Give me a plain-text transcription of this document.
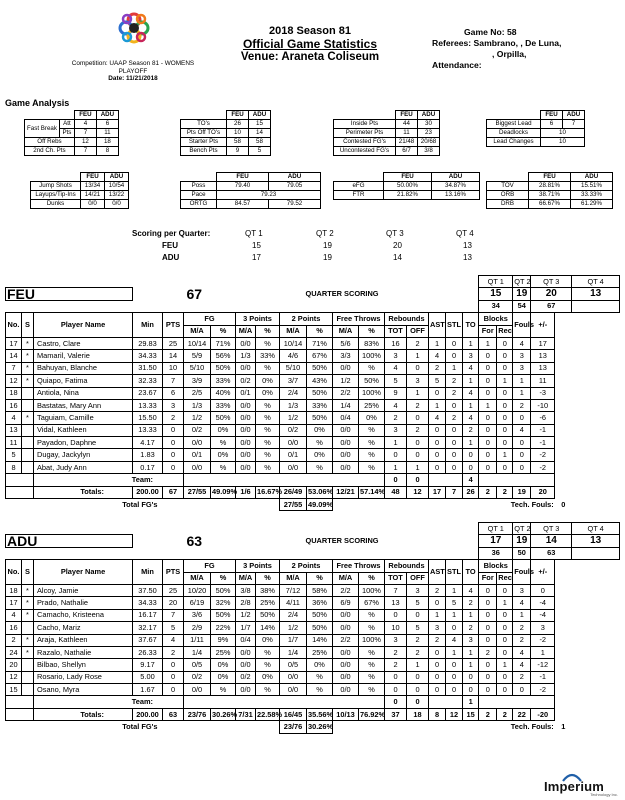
Competition: UAAP Season 81 - WOMENS PLAYOFF
Date: 11/21/2018
2018 Season 81
Official Game Statistics
Venue: Araneta Coliseum
Game No: 58
Referees: Sambrano, , De Luna,
, Orpilla,
Attendance:
Game Analysis
		FEU	ADU
Fast Break	Att	4	6
	Pts	7	11
Off Rebs		12	18
2nd Ch. Pts		7	8
	FEU	ADU
TO's	26	15
Pts Off TO's	10	14
Starter Pts	58	58
Bench Pts	9	5
	FEU	ADU
Inside Pts	44	30
Perimeter Pts	11	23
Contested FG's	21/48	20/68
Uncontested FG's	6/7	3/8
	FEU	ADU
Biggest Lead	6	7
Deadlocks	10	
Lead Changes	10	
	FEU	ADU
Jump Shots	13/34	10/54
Layups/Tip-Ins	14/21	13/22
Dunks	0/0	0/0
	FEU	ADU
Poss	79.40	79.05
Pace	79.23	
ORTG	84.57	79.52
	FEU	ADU
eFG	50.00%	34.87%
FTR	21.82%	13.16%
	FEU	ADU
TOV	28.81%	15.51%
ORB	38.71%	33.33%
DRB	66.67%	61.29%
Scoring per Quarter:	QT 1	QT 2	QT 3	QT 4
FEU	15	19	20	13
ADU	17	19	14	13
																		QT 1		QT 2	QT 3		QT 4
FEU			67					QUARTER SCORING										15		19	20		13
																		34		54	67		
No.	S	Player Name	Min	PTS	FG		3 Points		2 Points		Free Throws		Rebounds		AST	STL	TO	Blocks		Fouls	+/-		
					M/A	%	M/A	%	M/A	%	M/A	%	TOT	OFF				For	Rec				
17	*	Castro, Clare	29.83	25	10/14	71%	0/0	%	10/14	71%	5/6	83%	16	2	1	0	1	1	0	4	17		
14	*	Mamaril, Valerie	34.33	14	5/9	56%	1/3	33%	4/6	67%	3/3	100%	3	1	4	0	3	0	0	3	13		
7	*	Bahuyan, Blanche	31.50	10	5/10	50%	0/0	%	5/10	50%	0/0	%	4	0	2	1	4	0	0	3	13		
12	*	Quiapo, Fatima	32.33	7	3/9	33%	0/2	0%	3/7	43%	1/2	50%	5	3	5	2	1	0	1	1	11		
18		Antiola, Nina	23.67	6	2/5	40%	0/1	0%	2/4	50%	2/2	100%	9	1	0	2	4	0	0	1	-3		
16		Bastatas, Mary Ann	13.33	3	1/3	33%	0/0	%	1/3	33%	1/4	25%	4	2	1	0	1	1	0	2	-10		
4	*	Taguiam, Camille	15.50	2	1/2	50%	0/0	%	1/2	50%	0/4	0%	2	0	4	2	4	0	0	0	-6		
13		Vidal, Kathleen	13.33	0	0/2	0%	0/0	%	0/2	0%	0/0	%	3	2	0	0	2	0	0	4	-1		
11		Payadon, Daphne	4.17	0	0/0	%	0/0	%	0/0	%	0/0	%	1	0	0	0	1	0	0	0	-1		
5		Dugay, Jackylyn	1.83	0	0/1	0%	0/0	%	0/1	0%	0/0	%	0	0	0	0	0	0	1	0	-2		
8		Abat, Judy Ann	0.17	0	0/0	%	0/0	%	0/0	%	0/0	%	1	1	0	0	0	0	0	0	-2		
		Team:											0	0			4						
		Totals:	200.00	67	27/55	49.09%	1/6	16.67%	26/49	53.06%	12/21	57.14%	48	12	17	7	26	2	2	19	20		
Total FG's									27/55	49.09%							Tech. Fouls:					0	
																		QT 1		QT 2	QT 3		QT 4
ADU			63					QUARTER SCORING										17		19	14		13
																		36		50	63		
No.	S	Player Name	Min	PTS	FG		3 Points		2 Points		Free Throws		Rebounds		AST	STL	TO	Blocks		Fouls	+/-		
					M/A	%	M/A	%	M/A	%	M/A	%	TOT	OFF				For	Rec				
18	*	Alcoy, Jamie	37.50	25	10/20	50%	3/8	38%	7/12	58%	2/2	100%	7	3	2	1	4	0	0	3	0		
17	*	Prado, Nathalie	34.33	20	6/19	32%	2/8	25%	4/11	36%	6/9	67%	13	5	0	5	2	0	1	4	-4		
4	*	Camacho, Kristeena	16.17	7	3/6	50%	1/2	50%	2/4	50%	0/0	%	0	0	1	1	1	0	0	1	-4		
16		Cacho, Mariz	32.17	5	2/9	22%	1/7	14%	1/2	50%	0/0	%	10	5	3	0	2	0	0	2	3		
2	*	Araja, Kathleen	37.67	4	1/11	9%	0/4	0%	1/7	14%	2/2	100%	3	2	2	4	3	0	0	2	-2		
24	*	Razalo, Nathalie	26.33	2	1/4	25%	0/0	%	1/4	25%	0/0	%	2	2	0	1	1	2	0	4	1		
20		Bilbao, Shellyn	9.17	0	0/5	0%	0/0	%	0/5	0%	0/0	%	2	1	0	0	1	0	1	4	-12		
12		Rosario, Lady Rose	5.00	0	0/2	0%	0/2	0%	0/0	%	0/0	%	0	0	0	0	0	0	0	2	-1		
15		Osano, Myra	1.67	0	0/0	%	0/0	%	0/0	%	0/0	%	0	0	0	0	0	0	0	0	-2		
		Team:											0	0			1						
		Totals:	200.00	63	23/76	30.26%	7/31	22.58%	16/45	35.56%	10/13	76.92%	37	18	8	12	15	2	2	22	-20		
Total FG's									23/76	30.26%							Tech. Fouls:					1	
Imperium
Technology Inc.
